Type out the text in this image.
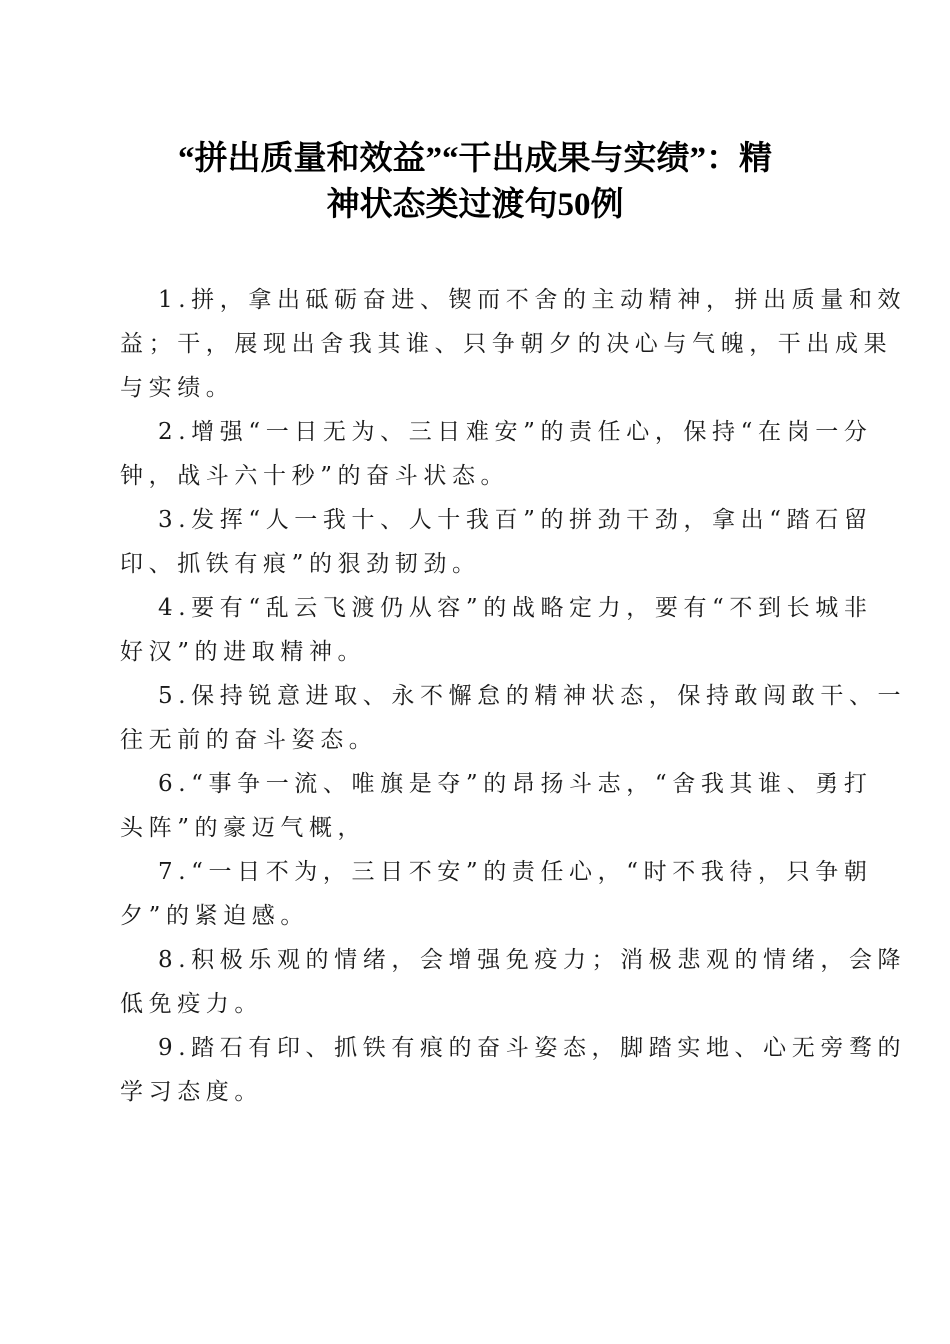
“拼出质量和效益”“干出成果与实绩”：精
神状态类过渡句50例
1.拼，拿出砥砺奋进、锲而不舍的主动精神，拼出质量和效
益；干，展现出舍我其谁、只争朝夕的决心与气魄，干出成果
与实绩。
2.增强“一日无为、三日难安”的责任心，保持“在岗一分
钟，战斗六十秒”的奋斗状态。
3.发挥“人一我十、人十我百”的拼劲干劲，拿出“踏石留
印、抓铁有痕”的狠劲韧劲。
4.要有“乱云飞渡仍从容”的战略定力，要有“不到长城非
好汉”的进取精神。
5.保持锐意进取、永不懈怠的精神状态，保持敢闯敢干、一
往无前的奋斗姿态。
6.“事争一流、唯旗是夺”的昂扬斗志，“舍我其谁、勇打
头阵”的豪迈气概，
7.“一日不为，三日不安”的责任心，“时不我待，只争朝
夕”的紧迫感。
8.积极乐观的情绪，会增强免疫力；消极悲观的情绪，会降
低免疫力。
9.踏石有印、抓铁有痕的奋斗姿态，脚踏实地、心无旁骛的
学习态度。
